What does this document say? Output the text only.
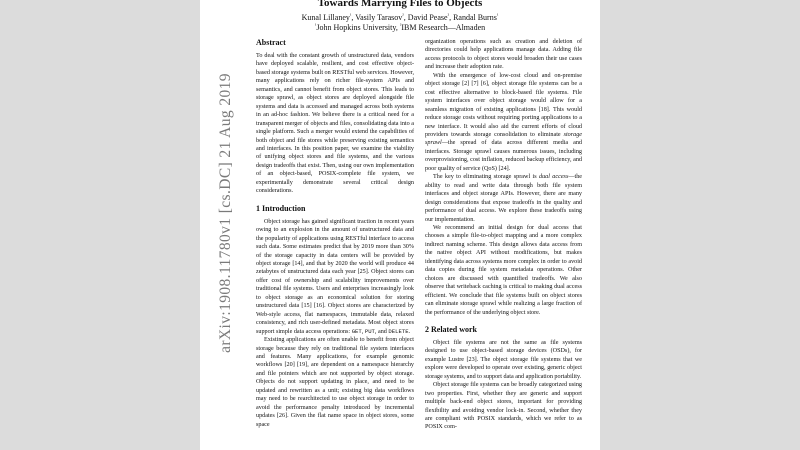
arXiv:1908.11780v1 [cs.DC] 21 Aug 2019
Towards Marrying Files to Objects
Kunal Lillaney$^{^1}$, Vasily Tarasov$^{^2}$, David Pease$^{^2}$, Randal Burns$^{^1}$
$^{^1}$John Hopkins University, $^{^2}$IBM Research—Almaden
Abstract

To deal with the constant growth of unstructured data, vendors have deployed scalable, resilient, and cost effective object-based storage systems built on RESTful web services. However, many applications rely on richer file-system APIs and semantics, and cannot benefit from object stores. This leads to storage sprawl, as object stores are deployed alongside file systems and data is accessed and managed across both systems in an ad-hoc fashion. We believe there is a critical need for a transparent merger of objects and files, consolidating data into a single platform. Such a merger would extend the capabilities of both object and file stores while preserving existing semantics and interfaces. In this position paper, we examine the viability of unifying object stores and file systems, and the various design tradeoffs that exist. Then, using our own implementation of an object-based, POSIX-complete file system, we experimentally demonstrate several critical design considerations.

1 Introduction

Object storage has gained significant traction in recent years owing to an explosion in the amount of unstructured data and the popularity of applications using RESTful interface to access such data. Some estimates predict that by 2019 more than 30% of the storage capacity in data centers will be provided by object storage [14], and that by 2020 the world will produce 44 zetabytes of unstructured data each year [25]. Object stores can offer cost of ownership and scalability improvements over traditional file systems. Users and enterprises increasingly look to object storage as an economical solution for storing unstructured data [15] [16]. Object stores are characterized by Web-style access, flat namespaces, immutable data, relaxed consistency, and rich user-defined metadata. Most object stores support simple data access operations: GET, PUT, and DELETE.

Existing applications are often unable to benefit from object storage because they rely on traditional file system interfaces and features. Many applications, for example genomic workflows [20] [19], are dependent on a namespace hierarchy and file pointers which are not supported by object storage. Objects do not support updating in place, and need to be updated and rewritten as a unit; existing big data workflows may need to be rearchitected to use object storage in order to avoid the performance penalty introduced by incremental updates [26]. Given the flat name space in object stores, some space

organization operations such as creation and deletion of directories could help applications manage data. Adding file access protocols to object stores would broaden their use cases and increase their adoption rate.

With the emergence of low-cost cloud and on-premise object storage [2] [7] [6], object storage file systems can be a cost effective alternative to block-based file systems. File system interfaces over object storage would allow for a seamless migration of existing applications [18]. This would reduce storage costs without requiring porting applications to a new interface. It would also aid the current efforts of cloud providers towards storage consolidation to eliminate storage sprawl—the spread of data across different media and interfaces. Storage sprawl causes numerous issues, including overprovisioning, cost inflation, reduced backup efficiency, and poor quality of service (QoS) [24].

The key to eliminating storage sprawl is dual access—the ability to read and write data through both file system interfaces and object storage APIs. However, there are many design considerations that expose tradeoffs in the quality and performance of dual access. We explore these tradeoffs using our implementation.

We recommend an initial design for dual access that chooses a simple file-to-object mapping and a more complex indirect naming scheme. This design allows data access from the native object API without modifications, but makes identifying data across systems more complex in order to avoid data copies during file system metadata operations. Other choices are discussed with quantified tradeoffs. We also observe that writeback caching is critical to making dual access efficient. We conclude that file systems built on object stores can eliminate storage sprawl while realizing a large fraction of the performance of the underlying object store.

2 Related work

Object file systems are not the same as file systems designed to use object-based storage devices (OSDs), for example Lustre [23]. The object storage file systems that we explore were developed to operate over existing, generic object storage systems, and to support data and application portability.

Object storage file systems can be broadly categorized using two properties. First, whether they are generic and support multiple back-end object stores, important for providing flexibility and avoiding vendor lock-in. Second, whether they are compliant with POSIX standards, which we refer to as POSIX com-
